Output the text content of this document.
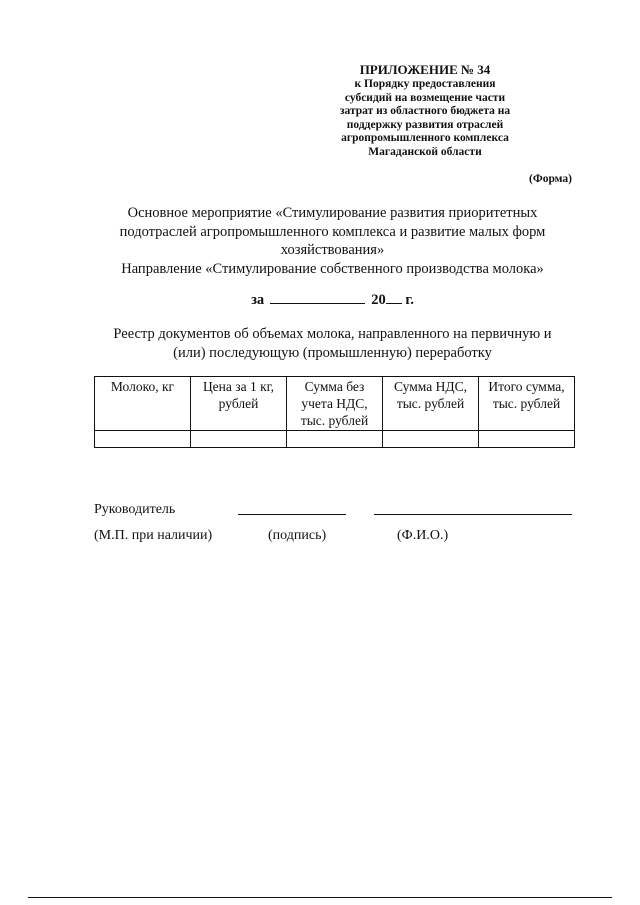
ПРИЛОЖЕНИЕ № 34
к Порядку предоставления
субсидий на возмещение части
затрат из областного бюджета на
поддержку развития отраслей
агропромышленного комплекса
Магаданской области
(Форма)
Основное мероприятие «Стимулирование развития приоритетных
подотраслей агропромышленного комплекса и развитие малых форм
хозяйствования»
Направление «Стимулирование собственного производства молока»
за	20 г.
Реестр документов об объемах молока, направленного на первичную и
(или) последующую (промышленную) переработку
Молоко, кг	Цена за 1 кг, рублей	Сумма без учета НДС, тыс. рублей	Сумма НДС, тыс. рублей	Итого сумма, тыс. рублей

Руководитель
(М.П. при наличии)	(подпись)	(Ф.И.О.)
